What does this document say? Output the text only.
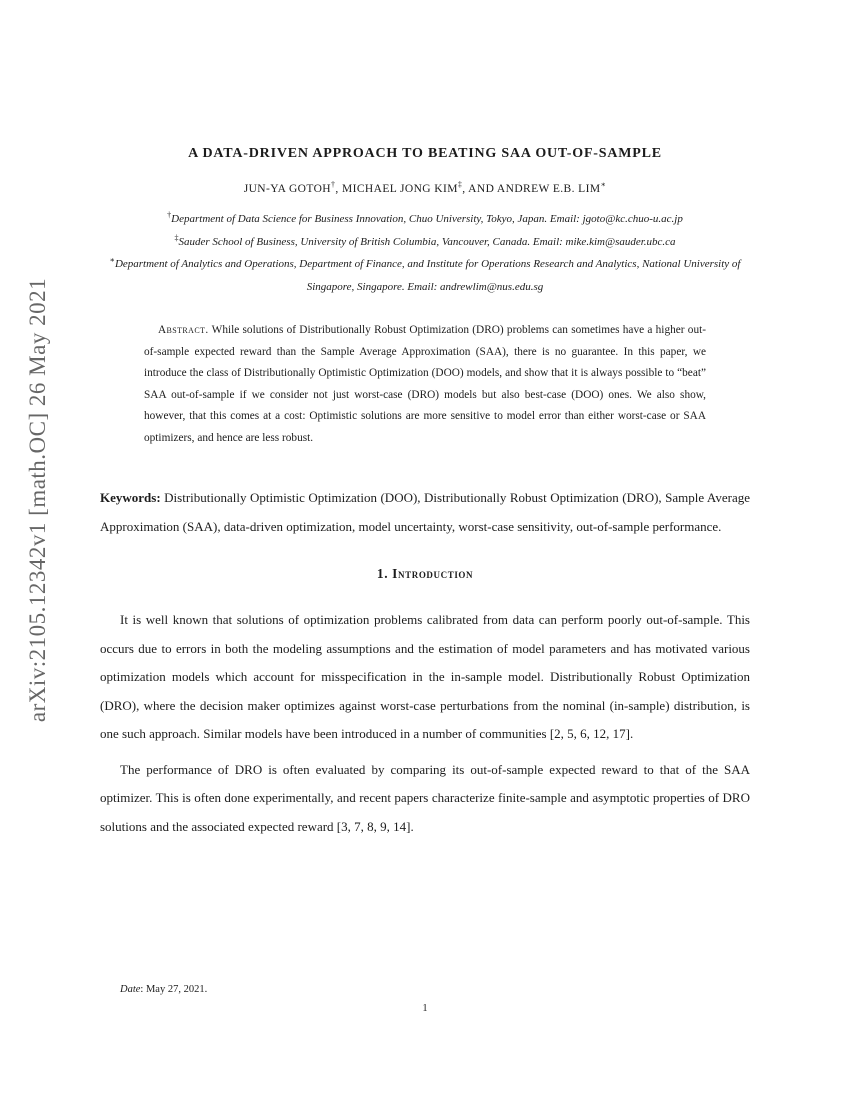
arXiv:2105.12342v1 [math.OC] 26 May 2021
A DATA-DRIVEN APPROACH TO BEATING SAA OUT-OF-SAMPLE

JUN-YA GOTOH†, MICHAEL JONG KIM‡, AND ANDREW E.B. LIM∗

†Department of Data Science for Business Innovation, Chuo University, Tokyo, Japan. Email: jgoto@kc.chuo-u.ac.jp

‡Sauder School of Business, University of British Columbia, Vancouver, Canada. Email: mike.kim@sauder.ubc.ca

∗Department of Analytics and Operations, Department of Finance, and Institute for Operations Research and Analytics, National University of Singapore, Singapore. Email: andrewlim@nus.edu.sg

Abstract. While solutions of Distributionally Robust Optimization (DRO) problems can sometimes have a higher out-of-sample expected reward than the Sample Average Approximation (SAA), there is no guarantee. In this paper, we introduce the class of Distributionally Optimistic Optimization (DOO) models, and show that it is always possible to “beat” SAA out-of-sample if we consider not just worst-case (DRO) models but also best-case (DOO) ones. We also show, however, that this comes at a cost: Optimistic solutions are more sensitive to model error than either worst-case or SAA optimizers, and hence are less robust.

Keywords: Distributionally Optimistic Optimization (DOO), Distributionally Robust Optimization (DRO), Sample Average Approximation (SAA), data-driven optimization, model uncertainty, worst-case sensitivity, out-of-sample performance.

1. Introduction

It is well known that solutions of optimization problems calibrated from data can perform poorly out-of-sample. This occurs due to errors in both the modeling assumptions and the estimation of model parameters and has motivated various optimization models which account for misspecification in the in-sample model. Distributionally Robust Optimization (DRO), where the decision maker optimizes against worst-case perturbations from the nominal (in-sample) distribution, is one such approach. Similar models have been introduced in a number of communities [2, 5, 6, 12, 17].

The performance of DRO is often evaluated by comparing its out-of-sample expected reward to that of the SAA optimizer. This is often done experimentally, and recent papers characterize finite-sample and asymptotic properties of DRO solutions and the associated expected reward [3, 7, 8, 9, 14].

Date: May 27, 2021.

1
